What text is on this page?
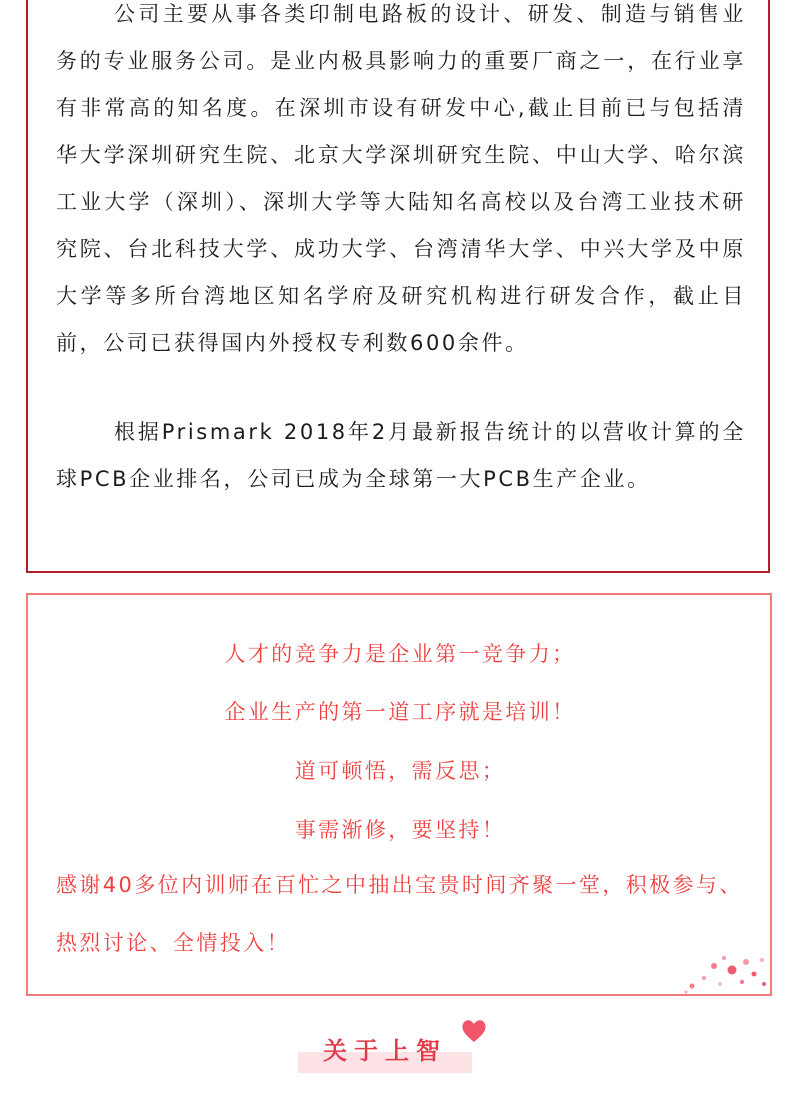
公司主要从事各类印制电路板的设计、研发、制造与销售业务的专业服务公司。是业内极具影响力的重要厂商之一，在行业享有非常高的知名度。在深圳市设有研发中心,截止目前已与包括清华大学深圳研究生院、北京大学深圳研究生院、中山大学、哈尔滨工业大学（深圳）、深圳大学等大陆知名高校以及台湾工业技术研究院、台北科技大学、成功大学、台湾清华大学、中兴大学及中原大学等多所台湾地区知名学府及研究机构进行研发合作，截止目前，公司已获得国内外授权专利数600余件。

根据Prismark 2018年2月最新报告统计的以营收计算的全球PCB企业排名，公司已成为全球第一大PCB生产企业。

人才的竞争力是企业第一竞争力；

企业生产的第一道工序就是培训！

道可顿悟，需反思；

事需渐修，要坚持！

感谢40多位内训师在百忙之中抽出宝贵时间齐聚一堂，积极参与、热烈讨论、全情投入！

关于上智
